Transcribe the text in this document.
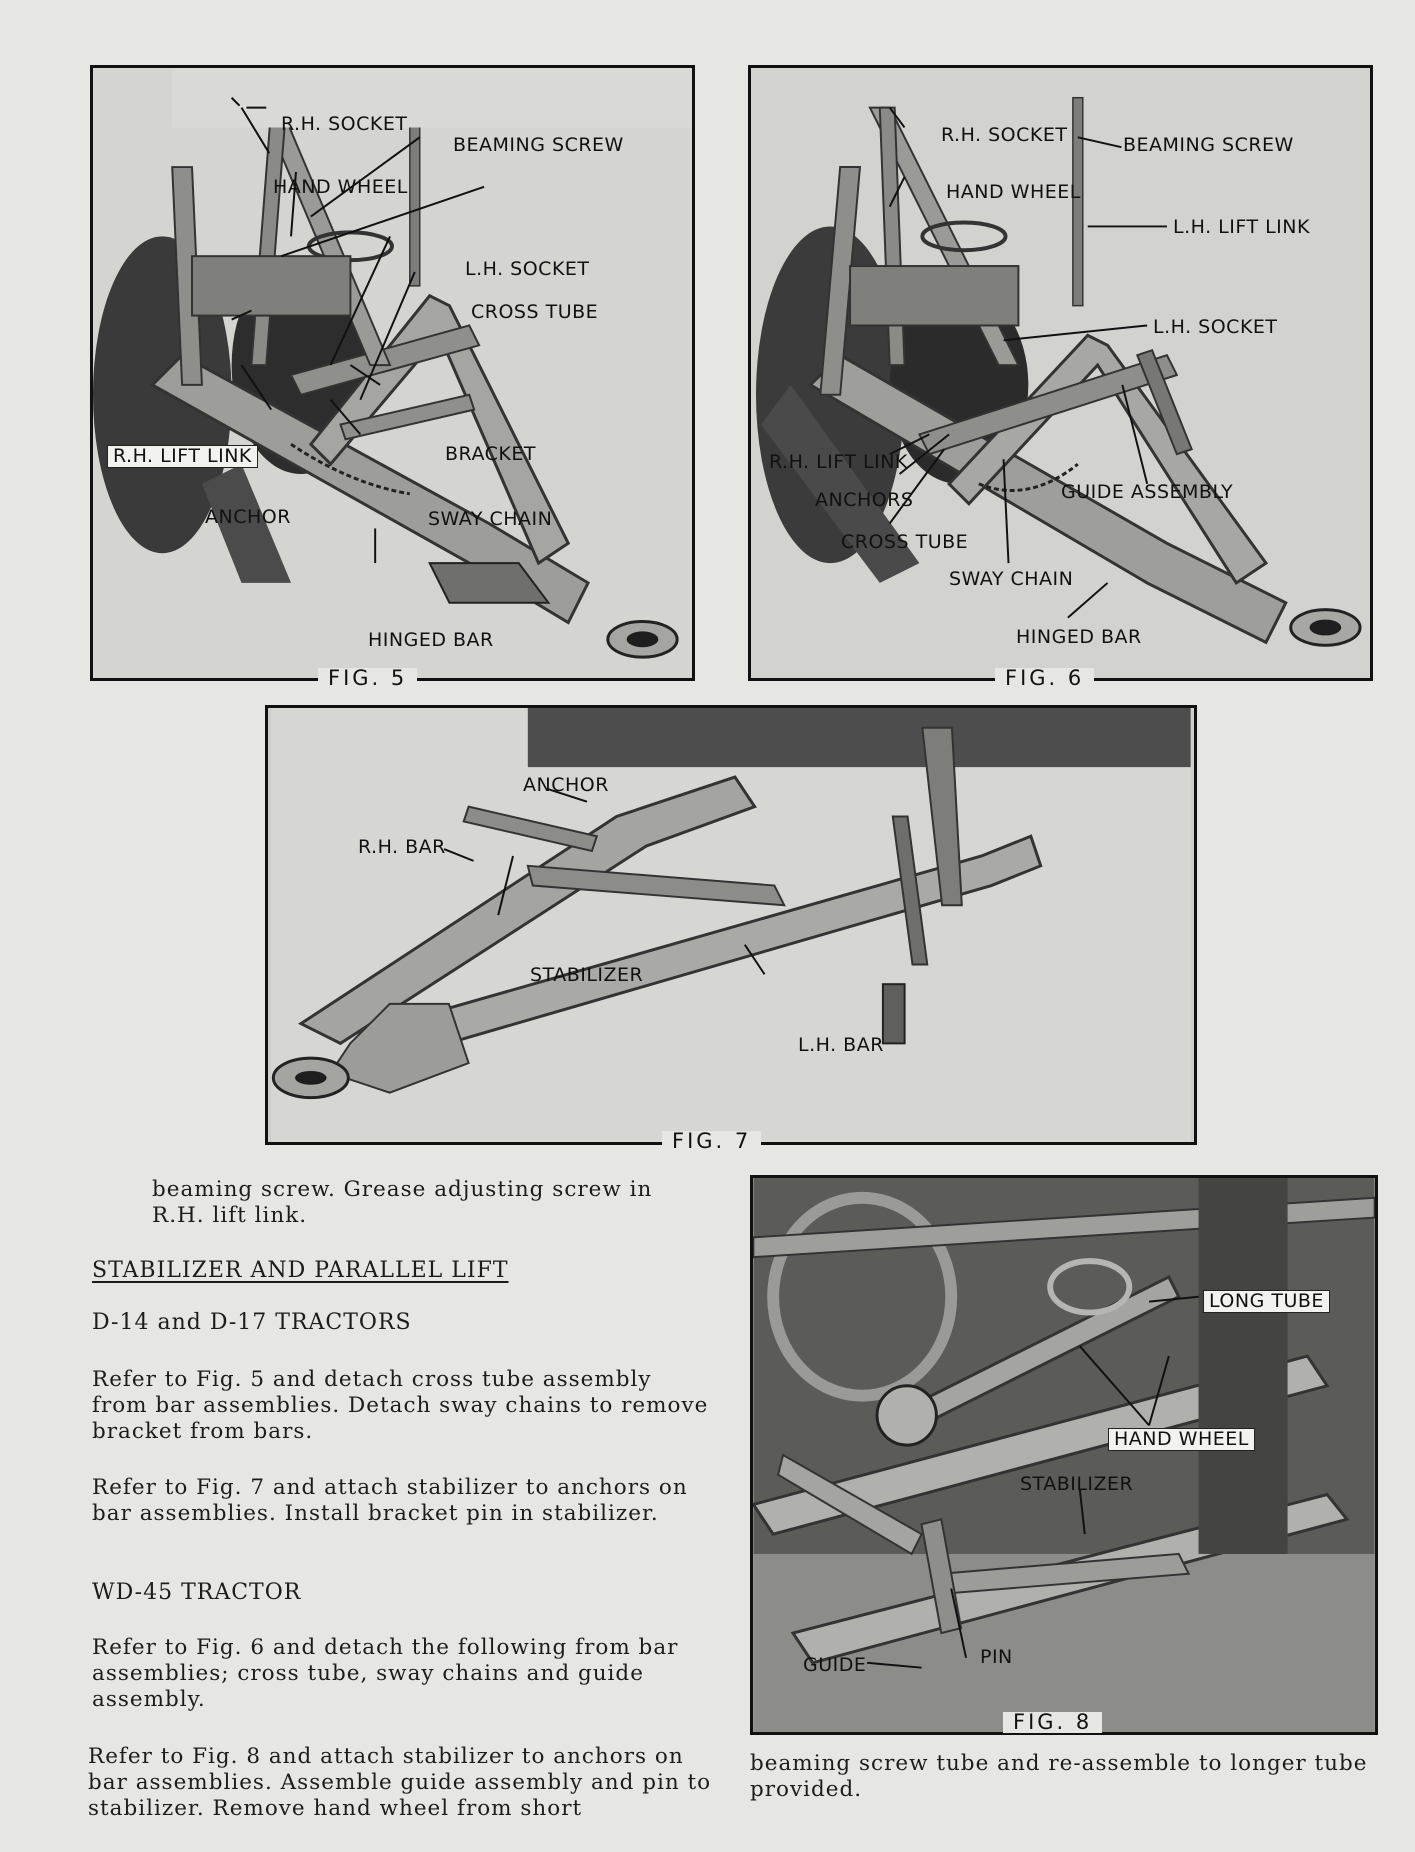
R.H. SOCKET
BEAMING SCREW
HAND WHEEL
L.H. SOCKET
CROSS TUBE
R.H. LIFT LINK	BRACKET
ANCHOR	SWAY CHAIN
HINGED BAR
FIG. 5
R.H. SOCKET	BEAMING SCREW
HAND WHEEL
L.H. LIFT LINK
L.H. SOCKET
R.H. LIFT LINK
ANCHORS	GUIDE ASSEMBLY
CROSS TUBE
SWAY CHAIN
HINGED BAR
FIG. 6
ANCHOR
R.H. BAR
STABILIZER
L.H. BAR
FIG. 7
LONG TUBE
HAND WHEEL
STABILIZER
PIN
GUIDE
FIG. 8

beaming screw. Grease adjusting screw in R.H. lift link.

STABILIZER AND PARALLEL LIFT

D-14 and D-17 TRACTORS

Refer to Fig. 5 and detach cross tube assembly from bar assemblies. Detach sway chains to remove bracket from bars.

Refer to Fig. 7 and attach stabilizer to anchors on bar assemblies. Install bracket pin in stabilizer.

WD-45 TRACTOR

Refer to Fig. 6 and detach the following from bar assemblies; cross tube, sway chains and guide assembly.

Refer to Fig. 8 and attach stabilizer to anchors on bar assemblies. Assemble guide assembly and pin to stabilizer. Remove hand wheel from short

beaming screw tube and re-assemble to longer tube provided.
